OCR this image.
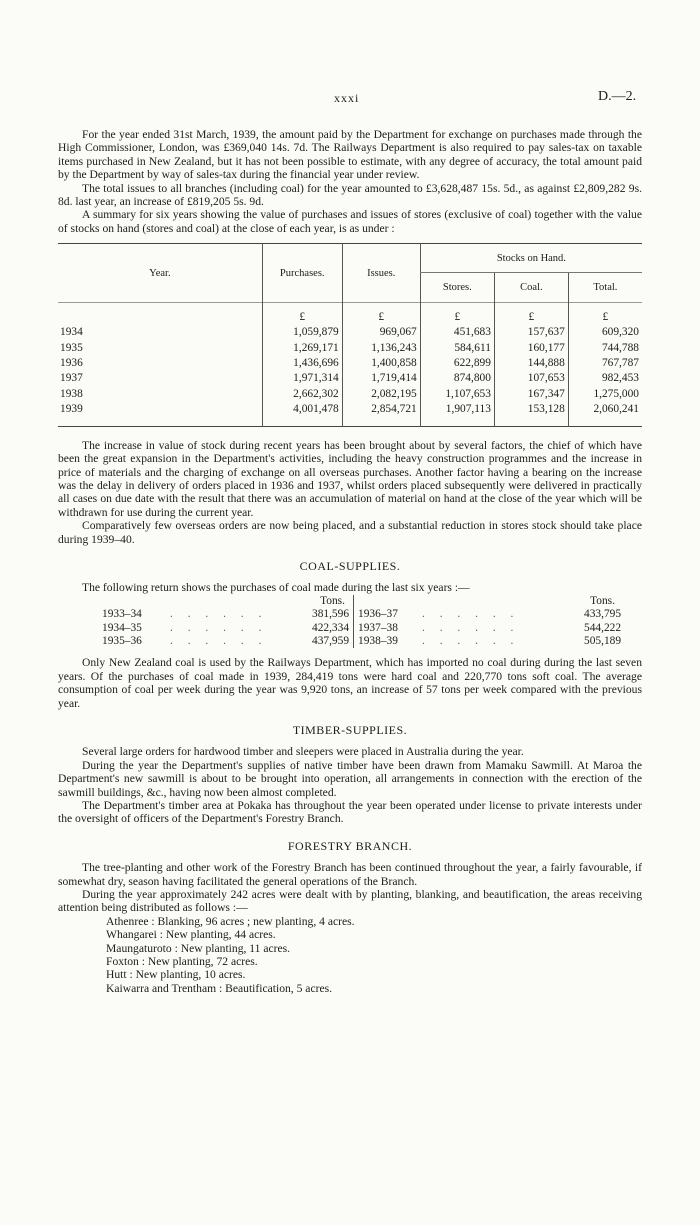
xxxi	D.—2.

For the year ended 31st March, 1939, the amount paid by the Department for exchange on purchases made through the High Commissioner, London, was £369,040 14s. 7d. The Railways Department is also required to pay sales-tax on taxable items purchased in New Zealand, but it has not been possible to estimate, with any degree of accuracy, the total amount paid by the Department by way of sales-tax during the financial year under review.

The total issues to all branches (including coal) for the year amounted to £3,628,487 15s. 5d., as against £2,809,282 9s. 8d. last year, an increase of £819,205 5s. 9d.

A summary for six years showing the value of purchases and issues of stores (exclusive of coal) together with the value of stocks on hand (stores and coal) at the close of each year, is as under :

Year.	Purchases.	Issues.	Stocks on Hand.		
			Stores.	Coal.	Total.
	£	£	£	£	£
1934	1,059,879	969,067	451,683	157,637	609,320
1935	1,269,171	1,136,243	584,611	160,177	744,788
1936	1,436,696	1,400,858	622,899	144,888	767,787
1937	1,971,314	1,719,414	874,800	107,653	982,453
1938	2,662,302	2,082,195	1,107,653	167,347	1,275,000
1939	4,001,478	2,854,721	1,907,113	153,128	2,060,241

The increase in value of stock during recent years has been brought about by several factors, the chief of which have been the great expansion in the Department's activities, including the heavy construction programmes and the increase in price of materials and the charging of exchange on all overseas purchases. Another factor having a bearing on the increase was the delay in delivery of orders placed in 1936 and 1937, whilst orders placed subsequently were delivered in practically all cases on due date with the result that there was an accumulation of material on hand at the close of the year which will be withdrawn for use during the current year.

Comparatively few overseas orders are now being placed, and a substantial reduction in stores stock should take place during 1939–40.

COAL-SUPPLIES.

The following return shows the purchases of coal made during the last six years :—

		Tons.			Tons.
1933–34	. . . . . .	381,596	1936–37	. . . . . .	433,795
1934–35	. . . . . .	422,334	1937–38	. . . . . .	544,222
1935–36	. . . . . .	437,959	1938–39	. . . . . .	505,189

Only New Zealand coal is used by the Railways Department, which has imported no coal during during the last seven years. Of the purchases of coal made in 1939, 284,419 tons were hard coal and 220,770 tons soft coal. The average consumption of coal per week during the year was 9,920 tons, an increase of 57 tons per week compared with the previous year.

TIMBER-SUPPLIES.

Several large orders for hardwood timber and sleepers were placed in Australia during the year.

During the year the Department's supplies of native timber have been drawn from Mamaku Sawmill. At Maroa the Department's new sawmill is about to be brought into operation, all arrangements in connection with the erection of the sawmill buildings, &c., having now been almost completed.

The Department's timber area at Pokaka has throughout the year been operated under license to private interests under the oversight of officers of the Department's Forestry Branch.

FORESTRY BRANCH.

The tree-planting and other work of the Forestry Branch has been continued throughout the year, a fairly favourable, if somewhat dry, season having facilitated the general operations of the Branch.

During the year approximately 242 acres were dealt with by planting, blanking, and beautification, the areas receiving attention being distributed as follows :—

Athenree : Blanking, 96 acres ; new planting, 4 acres.
Whangarei : New planting, 44 acres.
Maungaturoto : New planting, 11 acres.
Foxton : New planting, 72 acres.
Hutt : New planting, 10 acres.
Kaiwarra and Trentham : Beautification, 5 acres.
